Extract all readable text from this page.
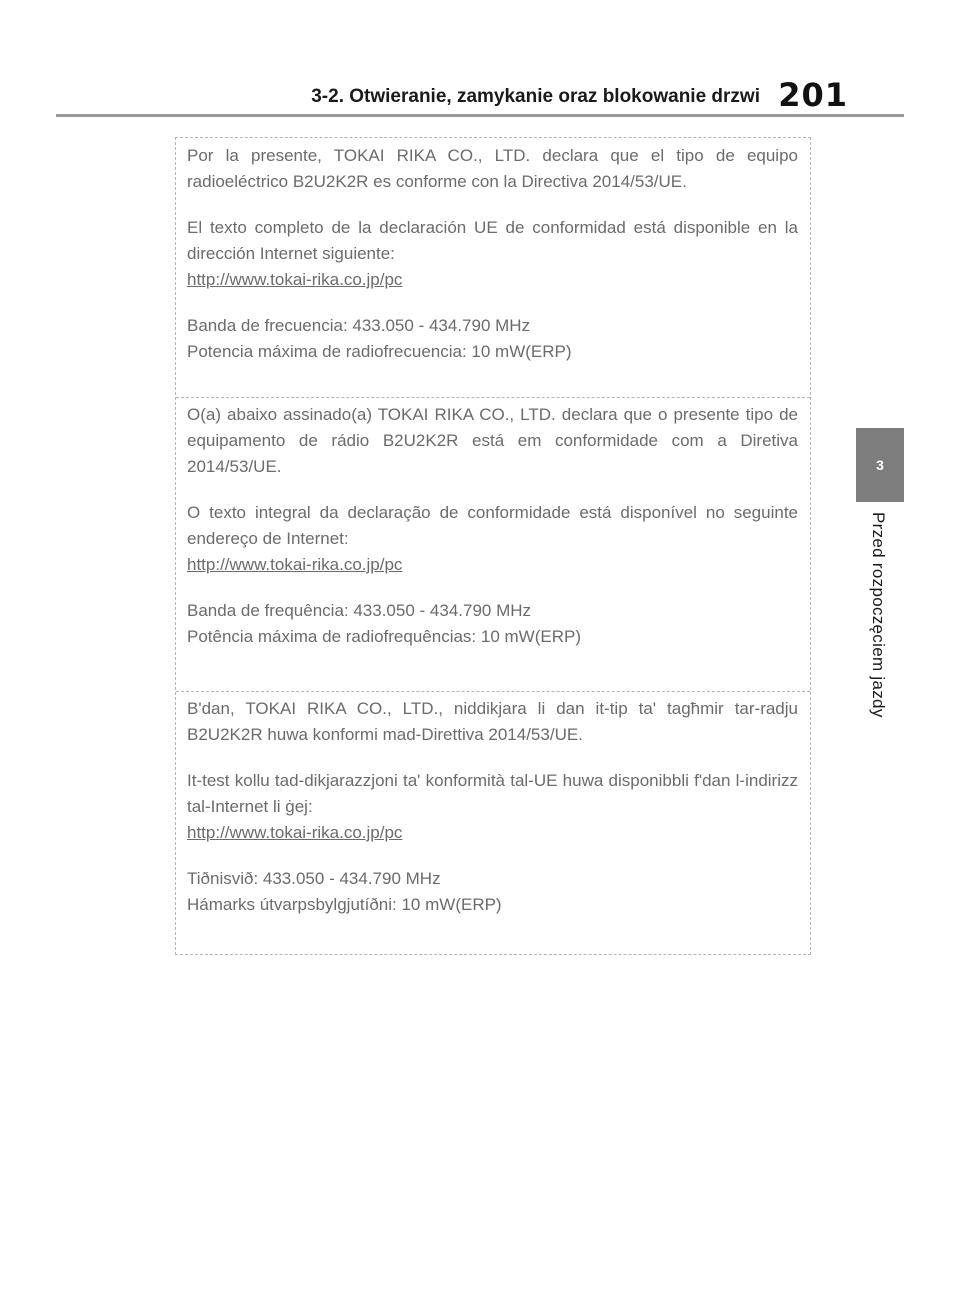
3-2. Otwieranie, zamykanie oraz blokowanie drzwi 201
3
Przed rozpoczęciem jazdy

Por la presente, TOKAI RIKA CO., LTD. declara que el tipo de equipo radioeléctrico B2U2K2R es conforme con la Directiva 2014/53/UE.

El texto completo de la declaración UE de conformidad está disponible en la dirección Internet siguiente:

http://www.tokai-rika.co.jp/pc

Banda de frecuencia: 433.050 - 434.790 MHz

Potencia máxima de radiofrecuencia: 10 mW(ERP)

O(a) abaixo assinado(a) TOKAI RIKA CO., LTD. declara que o presente tipo de equipamento de rádio B2U2K2R está em conformidade com a Diretiva 2014/53/UE.

O texto integral da declaração de conformidade está disponível no seguinte endereço de Internet:

http://www.tokai-rika.co.jp/pc

Banda de frequência: 433.050 - 434.790 MHz

Potência máxima de radiofrequências: 10 mW(ERP)

B'dan, TOKAI RIKA CO., LTD., niddikjara li dan it-tip ta' tagħmir tar-radju B2U2K2R huwa konformi mad-Direttiva 2014/53/UE.

It-test kollu tad-dikjarazzjoni ta' konformità tal-UE huwa disponibbli f'dan l-indirizz tal-Internet li ġej:

http://www.tokai-rika.co.jp/pc

Tiðnisvið: 433.050 - 434.790 MHz

Hámarks útvarpsbylgjutíðni: 10 mW(ERP)
